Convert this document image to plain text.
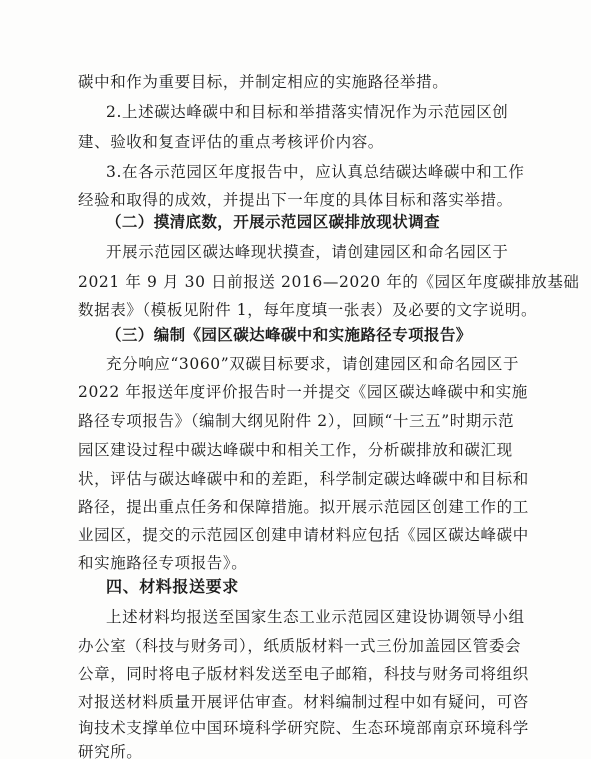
碳中和作为重要目标，并制定相应的实施路径举措。
2.上述碳达峰碳中和目标和举措落实情况作为示范园区创
建、验收和复查评估的重点考核评价内容。
3.在各示范园区年度报告中，应认真总结碳达峰碳中和工作
经验和取得的成效，并提出下一年度的具体目标和落实举措。
（二）摸清底数，开展示范园区碳排放现状调查
开展示范园区碳达峰现状摸查，请创建园区和命名园区于
2021 年 9 月 30 日前报送 2016—2020 年的《园区年度碳排放基础
数据表》（模板见附件 1，每年度填一张表）及必要的文字说明。
（三）编制《园区碳达峰碳中和实施路径专项报告》
充分响应“3060”双碳目标要求，请创建园区和命名园区于
2022 年报送年度评价报告时一并提交《园区碳达峰碳中和实施
路径专项报告》（编制大纲见附件 2），回顾“十三五”时期示范
园区建设过程中碳达峰碳中和相关工作，分析碳排放和碳汇现
状，评估与碳达峰碳中和的差距，科学制定碳达峰碳中和目标和
路径，提出重点任务和保障措施。拟开展示范园区创建工作的工
业园区，提交的示范园区创建申请材料应包括《园区碳达峰碳中
和实施路径专项报告》。
四、材料报送要求
上述材料均报送至国家生态工业示范园区建设协调领导小组
办公室（科技与财务司），纸质版材料一式三份加盖园区管委会
公章，同时将电子版材料发送至电子邮箱，科技与财务司将组织
对报送材料质量开展评估审查。材料编制过程中如有疑问，可咨
询技术支撑单位中国环境科学研究院、生态环境部南京环境科学
研究所。
